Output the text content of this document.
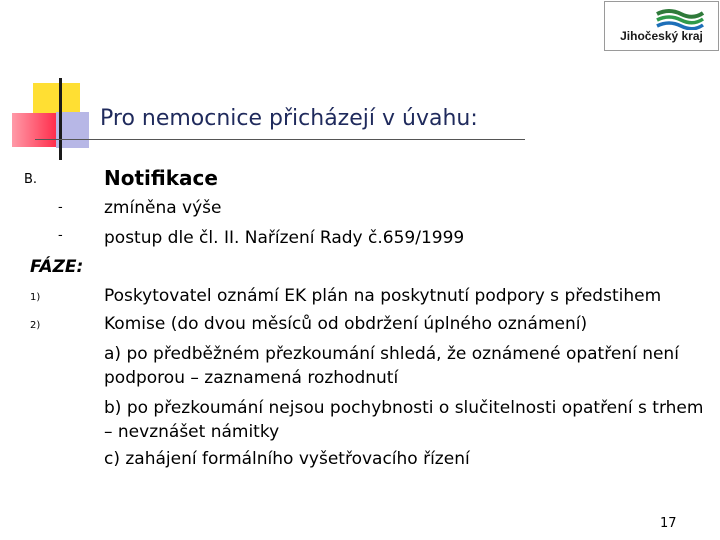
Jihočeský kraj
Pro nemocnice přicházejí v úvahu:
B.	Notifikace
- zmíněna výše
- postup dle čl. II. Nařízení Rady č.659/1999
FÁZE:
1)	Poskytovatel oznámí EK plán na poskytnutí podpory s předstihem
2)	Komise (do dvou měsíců od obdržení úplného oznámení)
a) po předběžném přezkoumání shledá, že oznámené opatření není podporou – zaznamená rozhodnutí
b) po přezkoumání nejsou pochybnosti o slučitelnosti opatření s trhem – nevznášet námitky
c) zahájení formálního vyšetřovacího řízení
17
